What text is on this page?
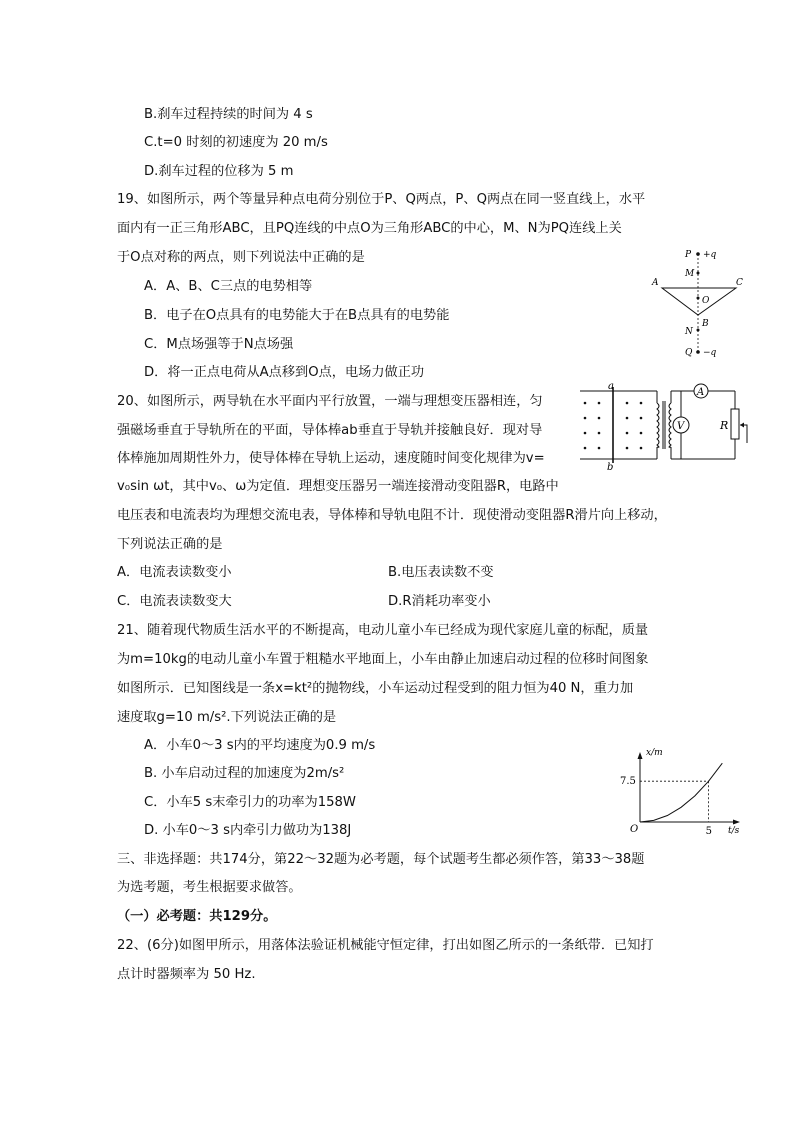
B.刹车过程持续的时间为 4 s
C.t=0 时刻的初速度为 20 m/s
D.刹车过程的位移为 5 m
19、如图所示，两个等量异种点电荷分别位于P、Q两点，P、Q两点在同一竖直线上，水平
面内有一正三角形ABC，且PQ连线的中点O为三角形ABC的中心，M、N为PQ连线上关
于O点对称的两点，则下列说法中正确的是
A．A、B、C三点的电势相等
B．电子在O点具有的电势能大于在B点具有的电势能
C．M点场强等于N点场强
D．将一正点电荷从A点移到O点，电场力做正功
P +q
M
A	C
O
B
N
Q −q
20、如图所示，两导轨在水平面内平行放置，一端与理想变压器相连，匀
强磁场垂直于导轨所在的平面，导体棒ab垂直于导轨并接触良好．现对导
体棒施加周期性外力，使导体棒在导轨上运动，速度随时间变化规律为v=
v₀sin ωt，其中v₀、ω为定值．理想变压器另一端连接滑动变阻器R，电路中
电压表和电流表均为理想交流电表，导体棒和导轨电阻不计．现使滑动变阻器R滑片向上移动，
下列说法正确的是
A．电流表读数变小	B.电压表读数不变
C．电流表读数变大	D.R消耗功率变小
a
b
V
A
R
21、随着现代物质生活水平的不断提高，电动儿童小车已经成为现代家庭儿童的标配，质量
为m=10kg的电动儿童小车置于粗糙水平地面上，小车由静止加速启动过程的位移时间图象
如图所示．已知图线是一条x=kt²的抛物线，小车运动过程受到的阻力恒为40 N，重力加
速度取g=10 m/s².下列说法正确的是
A．小车0～3 s内的平均速度为0.9 m/s
B. 小车启动过程的加速度为2m/s²
C．小车5 s末牵引力的功率为158W
D. 小车0～3 s内牵引力做功为138J
x/m
t/s
O
7.5
5
三、非选择题：共174分，第22～32题为必考题，每个试题考生都必须作答，第33～38题
为选考题，考生根据要求做答。
（一）必考题：共129分。
22、(6分)如图甲所示，用落体法验证机械能守恒定律，打出如图乙所示的一条纸带．已知打
点计时器频率为 50 Hz.
